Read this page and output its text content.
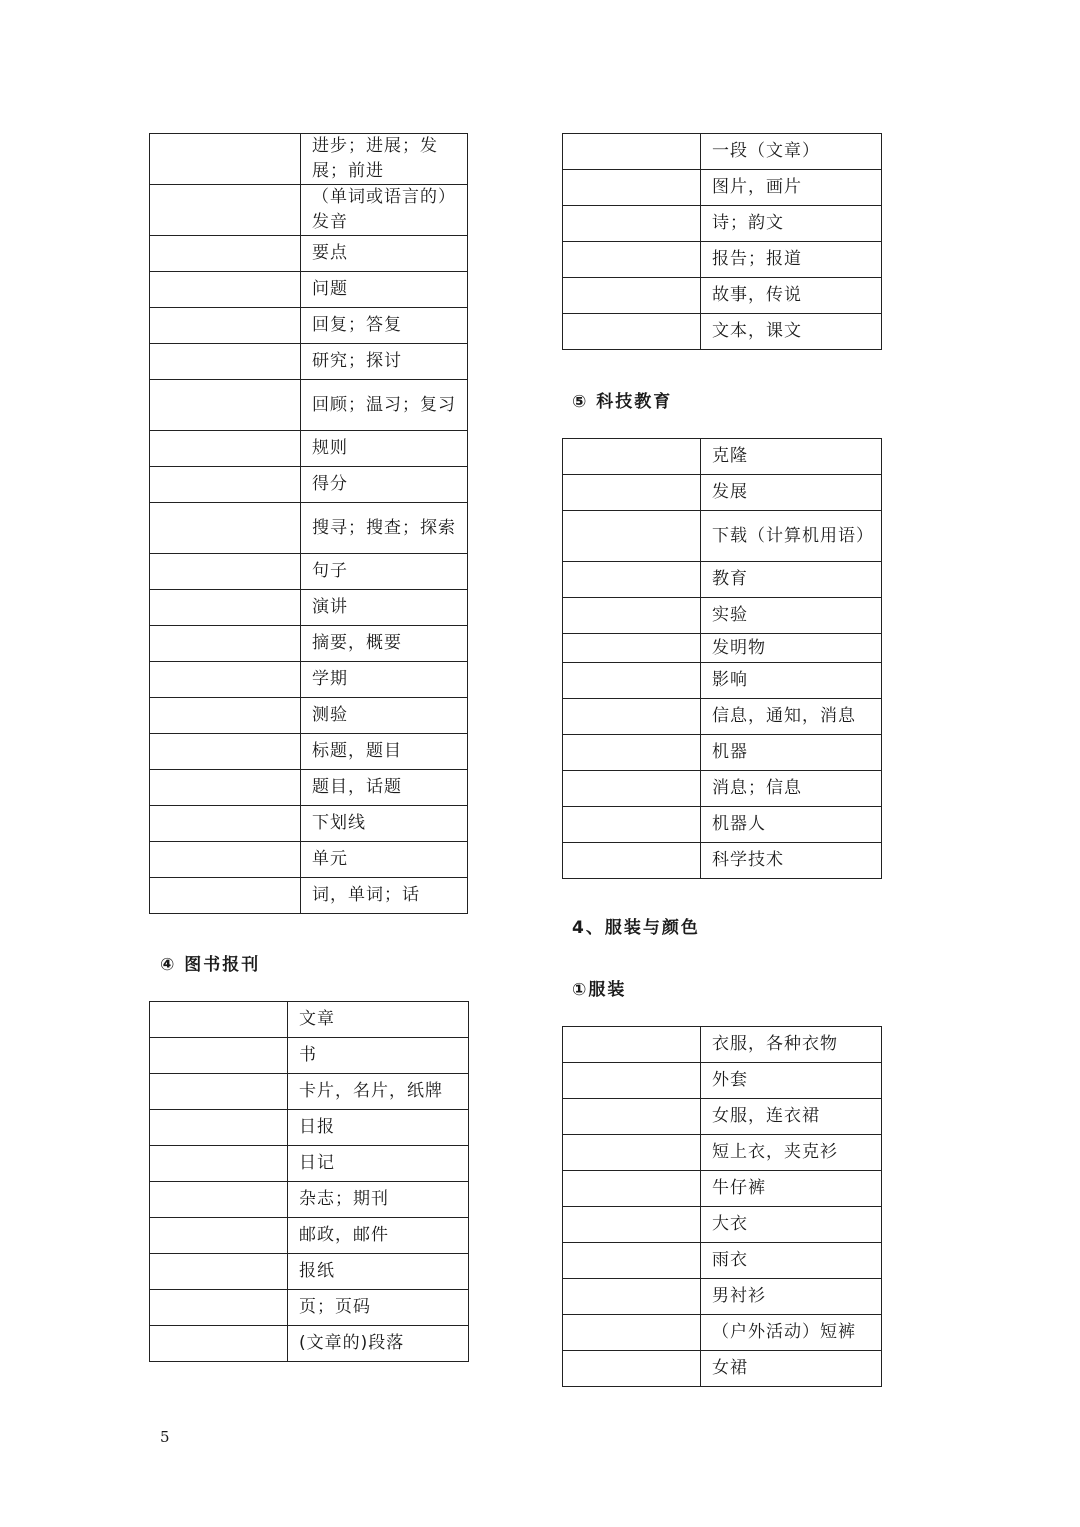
	进步；进展；发展；前进
	（单词或语言的）发音
	要点
	问题
	回复；答复
	研究；探讨
	回顾；温习；复习
	规则
	得分
	搜寻；搜查；探索
	句子
	演讲
	摘要，概要
	学期
	测验
	标题，题目
	题目，话题
	下划线
	单元
	词，单词；话
④ 图书报刊
	文章
	书
	卡片，名片，纸牌
	日报
	日记
	杂志；期刊
	邮政，邮件
	报纸
	页；页码
	(文章的)段落
	一段（文章）
	图片，画片
	诗；韵文
	报告；报道
	故事，传说
	文本，课文
⑤ 科技教育
	克隆
	发展
	下载（计算机用语）
	教育
	实验
	发明物
	影响
	信息，通知，消息
	机器
	消息；信息
	机器人
	科学技术
4、服装与颜色
①服装
	衣服，各种衣物
	外套
	女服，连衣裙
	短上衣，夹克衫
	牛仔裤
	大衣
	雨衣
	男衬衫
	（户外活动）短裤
	女裙
5
